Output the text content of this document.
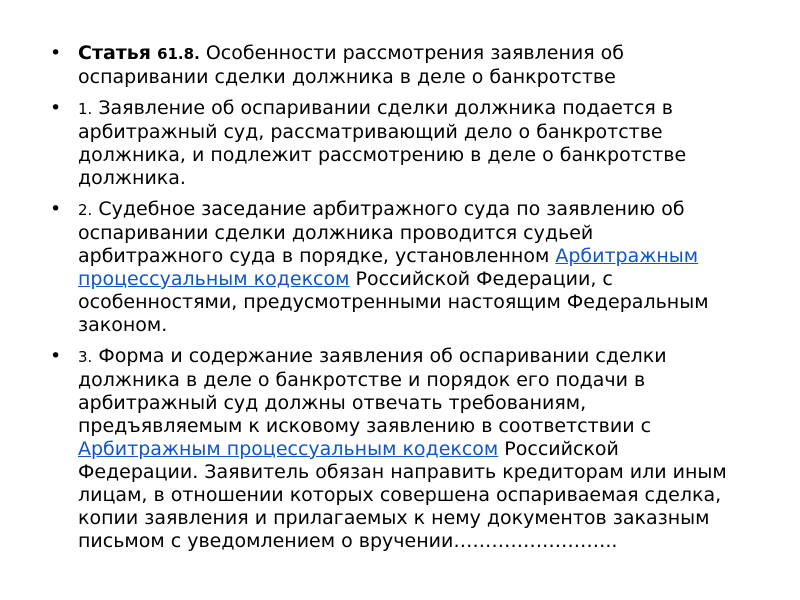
• Статья 61.8. Особенности рассмотрения заявления об оспаривании сделки должника в деле о банкротстве
• 1. Заявление об оспаривании сделки должника подается в арбитражный суд, рассматривающий дело о банкротстве должника, и подлежит рассмотрению в деле о банкротстве должника.
• 2. Судебное заседание арбитражного суда по заявлению об оспаривании сделки должника проводится судьей арбитражного суда в порядке, установленном Арбитражным процессуальным кодексом Российской Федерации, с особенностями, предусмотренными настоящим Федеральным законом.
• 3. Форма и содержание заявления об оспаривании сделки должника в деле о банкротстве и порядок его подачи в арбитражный суд должны отвечать требованиям, предъявляемым к исковому заявлению в соответствии с Арбитражным процессуальным кодексом Российской Федерации. Заявитель обязан направить кредиторам или иным лицам, в отношении которых совершена оспариваемая сделка, копии заявления и прилагаемых к нему документов заказным письмом с уведомлением о вручении……………………..
